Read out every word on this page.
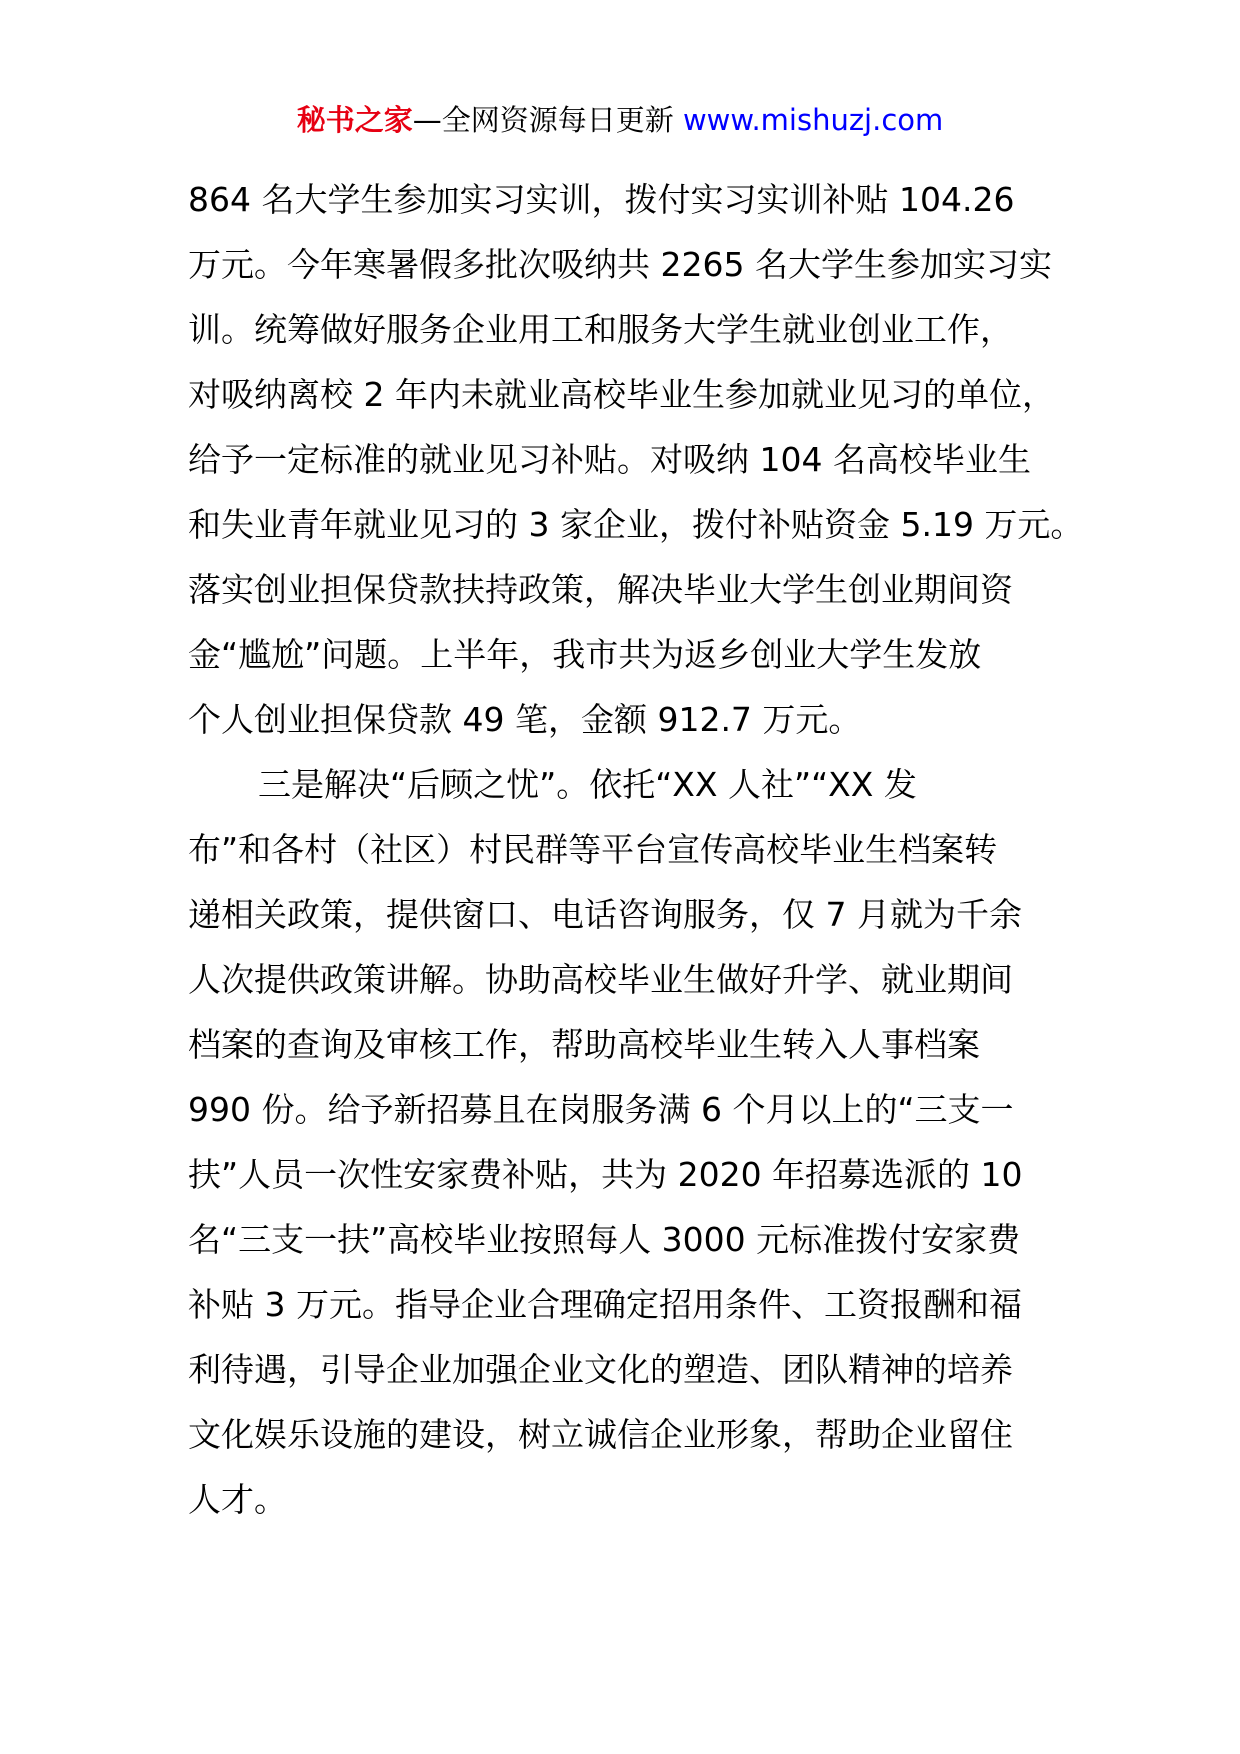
秘书之家—全网资源每日更新 www.mishuzj.com
864 名大学生参加实习实训，拨付实习实训补贴 104.26
万元。今年寒暑假多批次吸纳共 2265 名大学生参加实习实
训。统筹做好服务企业用工和服务大学生就业创业工作，
对吸纳离校 2 年内未就业高校毕业生参加就业见习的单位，
给予一定标准的就业见习补贴。对吸纳 104 名高校毕业生
和失业青年就业见习的 3 家企业，拨付补贴资金 5.19 万元。
落实创业担保贷款扶持政策，解决毕业大学生创业期间资
金“尴尬”问题。上半年，我市共为返乡创业大学生发放
个人创业担保贷款 49 笔，金额 912.7 万元。
三是解决“后顾之忧”。依托“XX 人社”“XX 发
布”和各村（社区）村民群等平台宣传高校毕业生档案转
递相关政策，提供窗口、电话咨询服务，仅 7 月就为千余
人次提供政策讲解。协助高校毕业生做好升学、就业期间
档案的查询及审核工作，帮助高校毕业生转入人事档案
990 份。给予新招募且在岗服务满 6 个月以上的“三支一
扶”人员一次性安家费补贴，共为 2020 年招募选派的 10
名“三支一扶”高校毕业按照每人 3000 元标准拨付安家费
补贴 3 万元。指导企业合理确定招用条件、工资报酬和福
利待遇，引导企业加强企业文化的塑造、团队精神的培养
文化娱乐设施的建设，树立诚信企业形象，帮助企业留住
人才。
